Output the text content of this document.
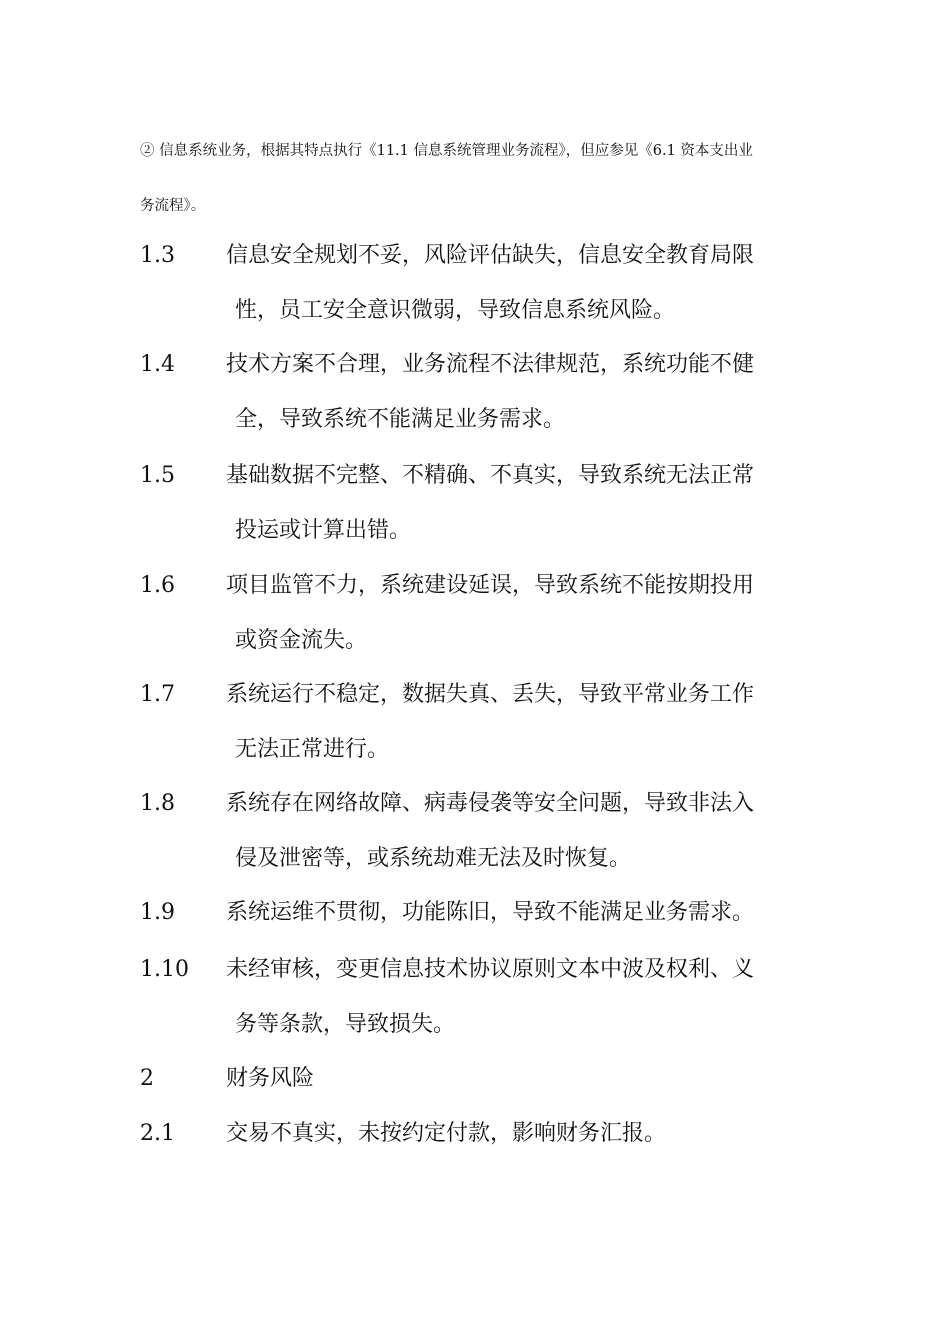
② 信息系统业务，根据其特点执行《11.1 信息系统管理业务流程》，但应参见《6.1 资本支出业
务流程》。
1.3 信息安全规划不妥，风险评估缺失，信息安全教育局限
性，员工安全意识微弱，导致信息系统风险。
1.4 技术方案不合理，业务流程不法律规范，系统功能不健
全，导致系统不能满足业务需求。
1.5 基础数据不完整、不精确、不真实，导致系统无法正常
投运或计算出错。
1.6 项目监管不力，系统建设延误，导致系统不能按期投用
或资金流失。
1.7 系统运行不稳定，数据失真、丢失，导致平常业务工作
无法正常进行。
1.8 系统存在网络故障、病毒侵袭等安全问题，导致非法入
侵及泄密等，或系统劫难无法及时恢复。
1.9 系统运维不贯彻，功能陈旧，导致不能满足业务需求。
1.10 未经审核，变更信息技术协议原则文本中波及权利、义
务等条款，导致损失。
2	财务风险
2.1 交易不真实，未按约定付款，影响财务汇报。
